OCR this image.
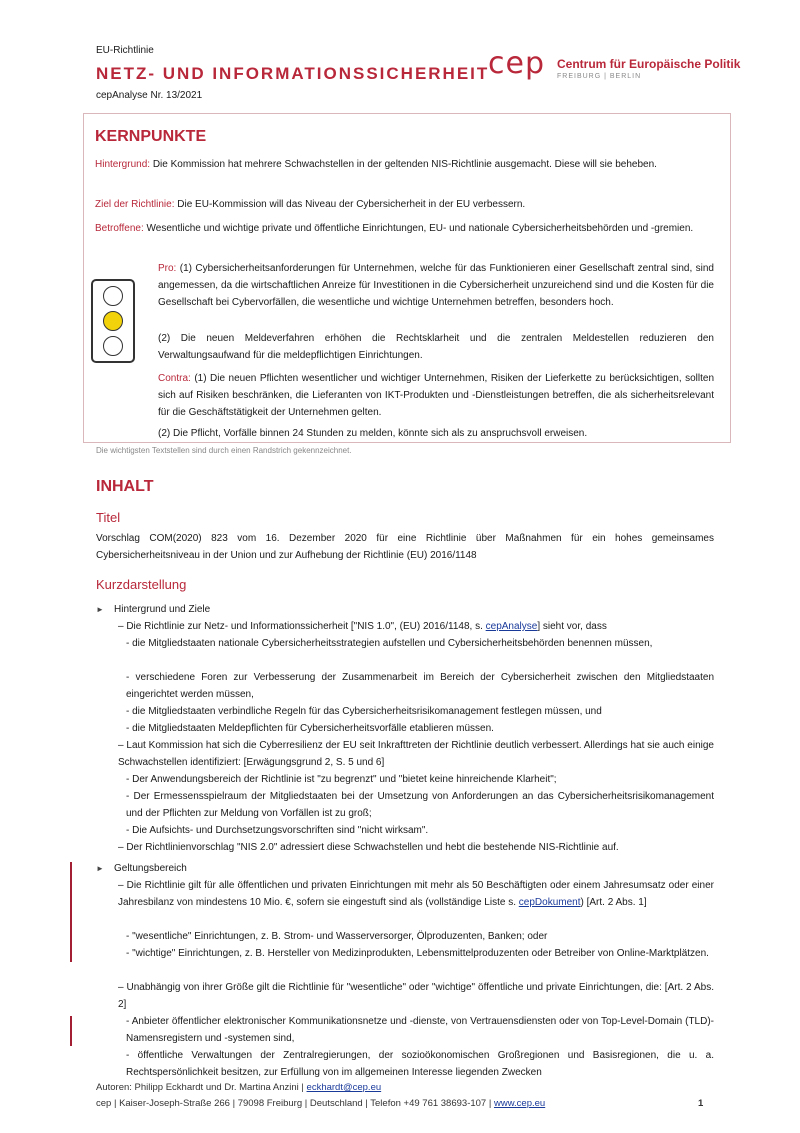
EU-Richtlinie
NETZ- UND INFORMATIONSSICHERHEIT
cepAnalyse Nr. 13/2021
cep Centrum für Europäische Politik
FREIBURG | BERLIN
KERNPUNKTE
Hintergrund: Die Kommission hat mehrere Schwachstellen in der geltenden NIS-Richtlinie ausgemacht. Diese will sie beheben.
Ziel der Richtlinie: Die EU-Kommission will das Niveau der Cybersicherheit in der EU verbessern.
Betroffene: Wesentliche und wichtige private und öffentliche Einrichtungen, EU- und nationale Cybersicherheitsbehörden und -gremien.
Pro: (1) Cybersicherheitsanforderungen für Unternehmen, welche für das Funktionieren einer Gesellschaft zentral sind, sind angemessen, da die wirtschaftlichen Anreize für Investitionen in die Cybersicherheit unzureichend sind und die Kosten für die Gesellschaft bei Cybervorfällen, die wesentliche und wichtige Unternehmen betreffen, besonders hoch.
(2) Die neuen Meldeverfahren erhöhen die Rechtsklarheit und die zentralen Meldestellen reduzieren den Verwaltungsaufwand für die meldepflichtigen Einrichtungen.
Contra: (1) Die neuen Pflichten wesentlicher und wichtiger Unternehmen, Risiken der Lieferkette zu berücksichtigen, sollten sich auf Risiken beschränken, die Lieferanten von IKT-Produkten und -Dienstleistungen betreffen, die als sicherheitsrelevant für die Geschäftstätigkeit der Unternehmen gelten.
(2) Die Pflicht, Vorfälle binnen 24 Stunden zu melden, könnte sich als zu anspruchsvoll erweisen.
Die wichtigsten Textstellen sind durch einen Randstrich gekennzeichnet.
INHALT
Titel
Vorschlag COM(2020) 823 vom 16. Dezember 2020 für eine Richtlinie über Maßnahmen für ein hohes gemeinsames Cybersicherheitsniveau in der Union und zur Aufhebung der Richtlinie (EU) 2016/1148
Kurzdarstellung
► Hintergrund und Ziele
– Die Richtlinie zur Netz- und Informationssicherheit ["NIS 1.0", (EU) 2016/1148, s. cepAnalyse] sieht vor, dass
- die Mitgliedstaaten nationale Cybersicherheitsstrategien aufstellen und Cybersicherheitsbehörden benennen müssen,
- verschiedene Foren zur Verbesserung der Zusammenarbeit im Bereich der Cybersicherheit zwischen den Mitgliedstaaten eingerichtet werden müssen,
- die Mitgliedstaaten verbindliche Regeln für das Cybersicherheitsrisikomanagement festlegen müssen, und
- die Mitgliedstaaten Meldepflichten für Cybersicherheitsvorfälle etablieren müssen.
– Laut Kommission hat sich die Cyberresilienz der EU seit Inkrafttreten der Richtlinie deutlich verbessert. Allerdings hat sie auch einige Schwachstellen identifiziert: [Erwägungsgrund 2, S. 5 und 6]
- Der Anwendungsbereich der Richtlinie ist "zu begrenzt" und "bietet keine hinreichende Klarheit";
- Der Ermessensspielraum der Mitgliedstaaten bei der Umsetzung von Anforderungen an das Cybersicherheitsrisikomanagement und der Pflichten zur Meldung von Vorfällen ist zu groß;
- Die Aufsichts- und Durchsetzungsvorschriften sind "nicht wirksam".
– Der Richtlinienvorschlag "NIS 2.0" adressiert diese Schwachstellen und hebt die bestehende NIS-Richtlinie auf.
► Geltungsbereich
– Die Richtlinie gilt für alle öffentlichen und privaten Einrichtungen mit mehr als 50 Beschäftigten oder einem Jahresumsatz oder einer Jahresbilanz von mindestens 10 Mio. €, sofern sie eingestuft sind als (vollständige Liste s. cepDokument) [Art. 2 Abs. 1]
- "wesentliche" Einrichtungen, z. B. Strom- und Wasserversorger, Ölproduzenten, Banken; oder
- "wichtige" Einrichtungen, z. B. Hersteller von Medizinprodukten, Lebensmittelproduzenten oder Betreiber von Online-Marktplätzen.
– Unabhängig von ihrer Größe gilt die Richtlinie für "wesentliche" oder "wichtige" öffentliche und private Einrichtungen, die: [Art. 2 Abs. 2]
- Anbieter öffentlicher elektronischer Kommunikationsnetze und -dienste, von Vertrauensdiensten oder von Top-Level-Domain (TLD)-Namensregistern und -systemen sind,
- öffentliche Verwaltungen der Zentralregierungen, der sozioökonomischen Großregionen und Basisregionen, die u. a. Rechtspersönlichkeit besitzen, zur Erfüllung von im allgemeinen Interesse liegenden Zwecken
Autoren: Philipp Eckhardt und Dr. Martina Anzini | eckhardt@cep.eu
cep | Kaiser-Joseph-Straße 266 | 79098 Freiburg | Deutschland | Telefon +49 761 38693-107 | www.cep.eu	1
